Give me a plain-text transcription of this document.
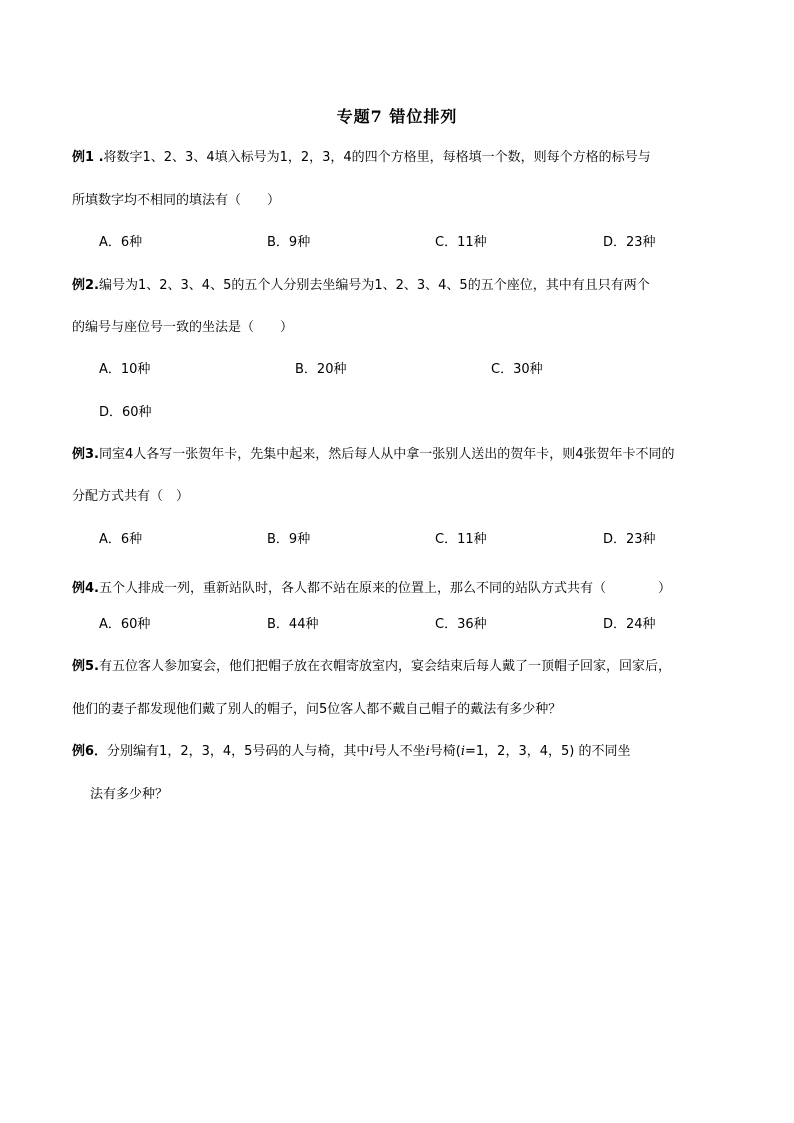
专题7 错位排列
例1 .将数字1、2、3、4填入标号为1，2，3，4的四个方格里，每格填一个数，则每个方格的标号与
所填数字均不相同的填法有（　　）
A．6种	B．9种	C．11种	D．23种
例2.编号为1、2、3、4、5的五个人分别去坐编号为1、2、3、4、5的五个座位，其中有且只有两个
的编号与座位号一致的坐法是（　　）
A．10种	B．20种	C．30种
D．60种
例3.同室4人各写一张贺年卡，先集中起来，然后每人从中拿一张别人送出的贺年卡，则4张贺年卡不同的
分配方式共有（　）
A．6种	B．9种	C．11种	D．23种
例4.五个人排成一列，重新站队时，各人都不站在原来的位置上，那么不同的站队方式共有（　　　　）
A．60种	B．44种	C．36种	D．24种
例5.有五位客人参加宴会，他们把帽子放在衣帽寄放室内，宴会结束后每人戴了一顶帽子回家，回家后，
他们的妻子都发现他们戴了别人的帽子，问5位客人都不戴自己帽子的戴法有多少种？
例6．分别编有1，2，3，4，5号码的人与椅，其中i号人不坐i号椅(i=1，2，3，4，5) 的不同坐
法有多少种？
